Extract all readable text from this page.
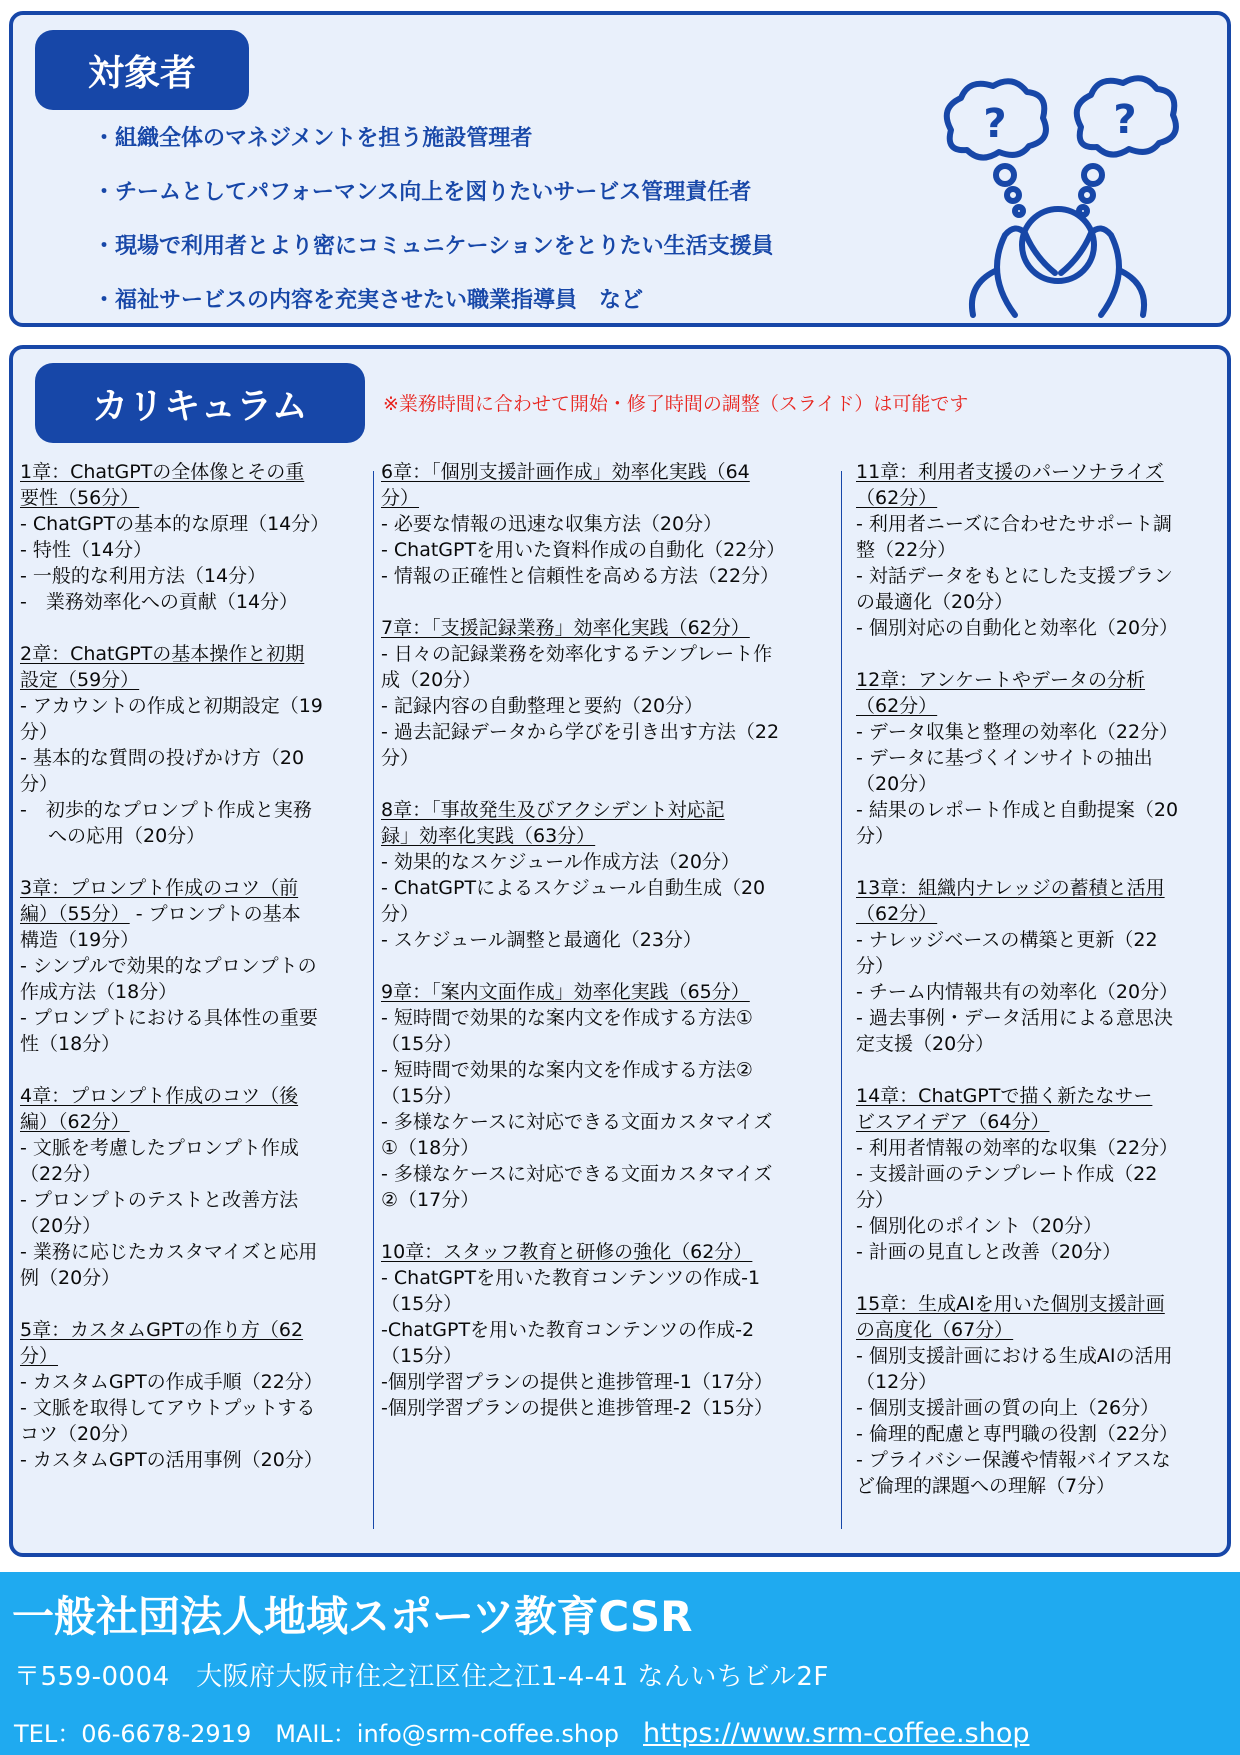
対象者
・組織全体のマネジメントを担う施設管理者
・チームとしてパフォーマンス向上を図りたいサービス管理責任者
・現場で利用者とより密にコミュニケーションをとりたい生活支援員
・福祉サービスの内容を充実させたい職業指導員　など
?	?
カリキュラム	※業務時間に合わせて開始・修了時間の調整（スライド）は可能です
1章：ChatGPTの全体像とその重
要性（56分）
- ChatGPTの基本的な原理（14分）
- 特性（14分）
- 一般的な利用方法（14分）
-　業務効率化への貢献（14分）
2章：ChatGPTの基本操作と初期
設定（59分）
- アカウントの作成と初期設定（19
分）
- 基本的な質問の投げかけ方（20
分）
-　初歩的なプロンプト作成と実務
への応用（20分）
3章：プロンプト作成のコツ（前
編）（55分） - プロンプトの基本
構造（19分）
- シンプルで効果的なプロンプトの
作成方法（18分）
- プロンプトにおける具体性の重要
性（18分）
4章：プロンプト作成のコツ（後
編）（62分）
- 文脈を考慮したプロンプト作成
（22分）
- プロンプトのテストと改善方法
（20分）
- 業務に応じたカスタマイズと応用
例（20分）
5章：カスタムGPTの作り方（62
分）
- カスタムGPTの作成手順（22分）
- 文脈を取得してアウトプットする
コツ（20分）
- カスタムGPTの活用事例（20分）
6章：「個別支援計画作成」効率化実践（64
分）
- 必要な情報の迅速な収集方法（20分）
- ChatGPTを用いた資料作成の自動化（22分）
- 情報の正確性と信頼性を高める方法（22分）
7章：「支援記録業務」効率化実践（62分）
- 日々の記録業務を効率化するテンプレート作
成（20分）
- 記録内容の自動整理と要約（20分）
- 過去記録データから学びを引き出す方法（22
分）
8章：「事故発生及びアクシデント対応記
録」効率化実践（63分）
- 効果的なスケジュール作成方法（20分）
- ChatGPTによるスケジュール自動生成（20
分）
- スケジュール調整と最適化（23分）
9章：「案内文面作成」効率化実践（65分）
- 短時間で効果的な案内文を作成する方法①
（15分）
- 短時間で効果的な案内文を作成する方法②
（15分）
- 多様なケースに対応できる文面カスタマイズ
①（18分）
- 多様なケースに対応できる文面カスタマイズ
②（17分）
10章：スタッフ教育と研修の強化（62分）
- ChatGPTを用いた教育コンテンツの作成-1
（15分）
-ChatGPTを用いた教育コンテンツの作成-2
（15分）
-個別学習プランの提供と進捗管理-1（17分）
-個別学習プランの提供と進捗管理-2（15分）
11章：利用者支援のパーソナライズ
（62分）
- 利用者ニーズに合わせたサポート調
整（22分）
- 対話データをもとにした支援プラン
の最適化（20分）
- 個別対応の自動化と効率化（20分）
12章：アンケートやデータの分析
（62分）
- データ収集と整理の効率化（22分）
- データに基づくインサイトの抽出
（20分）
- 結果のレポート作成と自動提案（20
分）
13章：組織内ナレッジの蓄積と活用
（62分）
- ナレッジベースの構築と更新（22
分）
- チーム内情報共有の効率化（20分）
- 過去事例・データ活用による意思決
定支援（20分）
14章：ChatGPTで描く新たなサー
ビスアイデア（64分）
- 利用者情報の効率的な収集（22分）
- 支援計画のテンプレート作成（22
分）
- 個別化のポイント（20分）
- 計画の見直しと改善（20分）
15章：生成AIを用いた個別支援計画
の高度化（67分）
- 個別支援計画における生成AIの活用
（12分）
- 個別支援計画の質の向上（26分）
- 倫理的配慮と専門職の役割（22分）
- プライバシー保護や情報バイアスな
ど倫理的課題への理解（7分）
一般社団法人地域スポーツ教育CSR
〒559-0004　大阪府大阪市住之江区住之江1-4-41 なんいちビル2F
TEL：06-6678-2919　MAIL：info@srm-coffee.shop https://www.srm-coffee.shop
